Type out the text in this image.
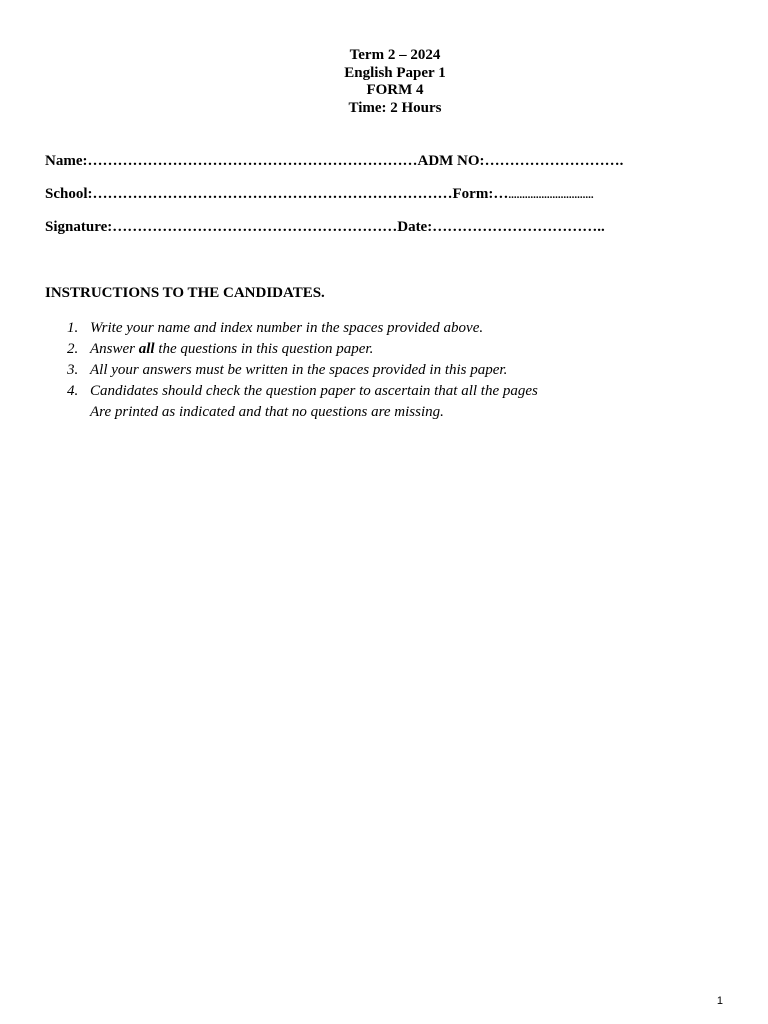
Term 2 – 2024
English Paper 1
FORM 4
Time: 2 Hours
Name:…………………………………………………………ADM NO:……………………….
School:………………………………………………………………Form:…...............................
Signature:…………………………………………………Date:……………………………..
INSTRUCTIONS TO THE CANDIDATES.
1. Write your name and index number in the spaces provided above.
2. Answer all the questions in this question paper.
3. All your answers must be written in the spaces provided in this paper.
4. Candidates should check the question paper to ascertain that all the pages
Are printed as indicated and that no questions are missing.
1
